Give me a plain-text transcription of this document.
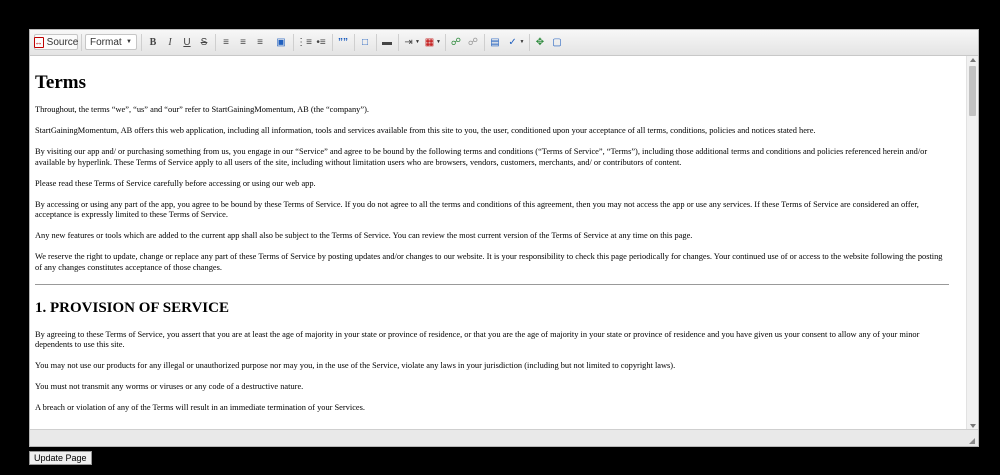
↔ Source Format ▼	B	I	U	S	≡	≡	≡	▣ ⋮≡ •≡ ””	□	▬ ⇥ ▼ ▦ ▼ ☍ ☍ ▤ ✓ ▼ ✥ ▢
Terms

Throughout, the terms “we”, “us” and “our” refer to StartGainingMomentum, AB (the “company”).

StartGainingMomentum, AB offers this web application, including all information, tools and services available from this site to you, the user, conditioned upon your acceptance of all terms, conditions, policies and notices stated here.

By visiting our app and/ or purchasing something from us, you engage in our “Service” and agree to be bound by the following terms and conditions (“Terms of Service”, “Terms”), including those additional terms and conditions and policies referenced herein and/or available by hyperlink. These Terms of Service apply to all users of the site, including without limitation users who are browsers, vendors, customers, merchants, and/ or contributors of content.

Please read these Terms of Service carefully before accessing or using our web app.

By accessing or using any part of the app, you agree to be bound by these Terms of Service. If you do not agree to all the terms and conditions of this agreement, then you may not access the app or use any services. If these Terms of Service are considered an offer, acceptance is expressly limited to these Terms of Service.

Any new features or tools which are added to the current app shall also be subject to the Terms of Service. You can review the most current version of the Terms of Service at any time on this page.

We reserve the right to update, change or replace any part of these Terms of Service by posting updates and/or changes to our website. It is your responsibility to check this page periodically for changes. Your continued use of or access to the website following the posting of any changes constitutes acceptance of those changes.

1. PROVISION OF SERVICE

By agreeing to these Terms of Service, you assert that you are at least the age of majority in your state or province of residence, or that you are the age of majority in your state or province of residence and you have given us your consent to allow any of your minor dependents to use this site.

You may not use our products for any illegal or unauthorized purpose nor may you, in the use of the Service, violate any laws in your jurisdiction (including but not limited to copyright laws).

You must not transmit any worms or viruses or any code of a destructive nature.

A breach or violation of any of the Terms will result in an immediate termination of your Services.

Update Page
